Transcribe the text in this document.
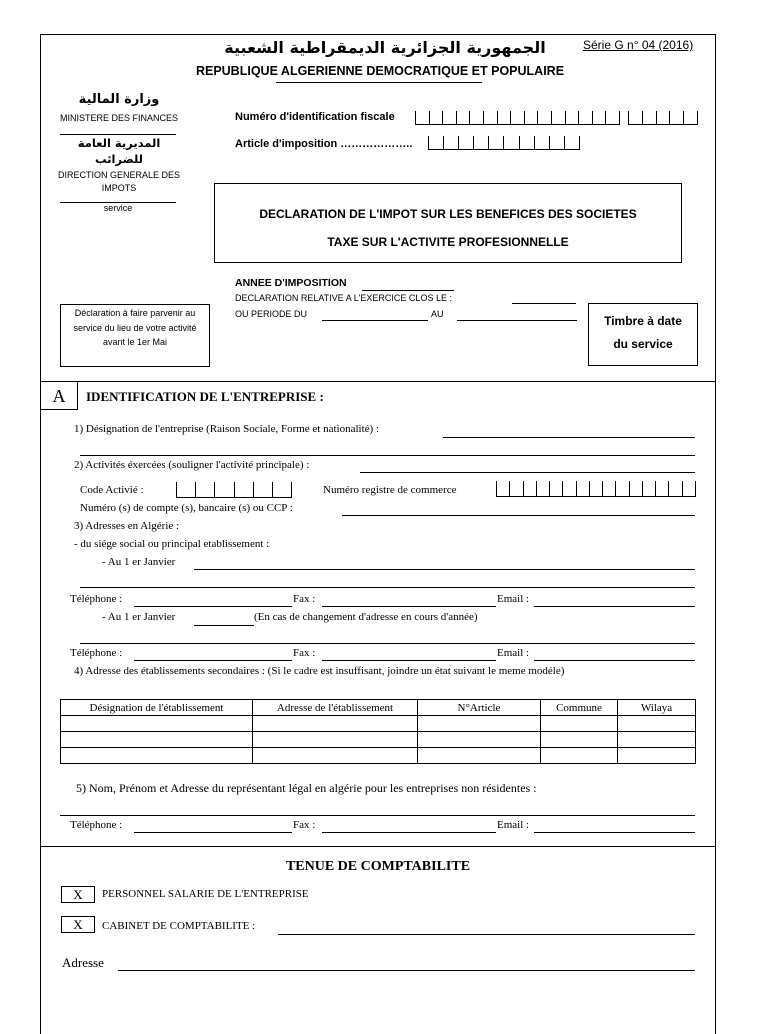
Série G n° 04 (2016)
الجمهورية الجزائرية الديمقراطية الشعبية
REPUBLIQUE ALGERIENNE DEMOCRATIQUE ET POPULAIRE
وزارة المالية
MINISTERE DES FINANCES
المديرية العامة للضرائب
DIRECTION GENERALE DES IMPOTS
service
Numéro d'identification fiscale
Article d'imposition ………………..
DECLARATION DE L'IMPOT SUR LES BENEFICES DES SOCIETES
TAXE SUR L'ACTIVITE PROFESIONNELLE
ANNEE D'IMPOSITION
DECLARATION RELATIVE A L'EXERCICE CLOS LE :
OU PERIODE DU	AU
Déclaration à faire parvenir au service du lieu de votre activité avant le 1er Mai
Timbre à date du service
A	IDENTIFICATION DE L'ENTREPRISE :
1) Désignation de l'entreprise (Raison Sociale, Forme et nationalité) :
2) Activités éxercées (souligner l'activité principale) :
Code Activié :	Numéro registre de commerce
Numéro (s) de compte (s), bancaire (s) ou CCP :
3) Adresses en Algérie :
- du siége social ou principal etablissement :
- Au 1 er Janvier
Téléphone :	Fax :	Email :
- Au 1 er Janvier	(En cas de changement d'adresse en cours d'année)
Téléphone :	Fax :	Email :
4) Adresse des établissements secondaires : (Si le cadre est insuffisant, joindre un état suivant le meme modéle)
Désignation de l'établissement	Adresse de l'établissement	N°Article	Commune	Wilaya

5) Nom, Prénom et Adresse du représentant légal en algérie pour les entreprises non résidentes :
Téléphone :	Fax :	Email :
TENUE DE COMPTABILITE
X	PERSONNEL SALARIE DE L'ENTREPRISE
X	CABINET DE COMPTABILITE :
Adresse
